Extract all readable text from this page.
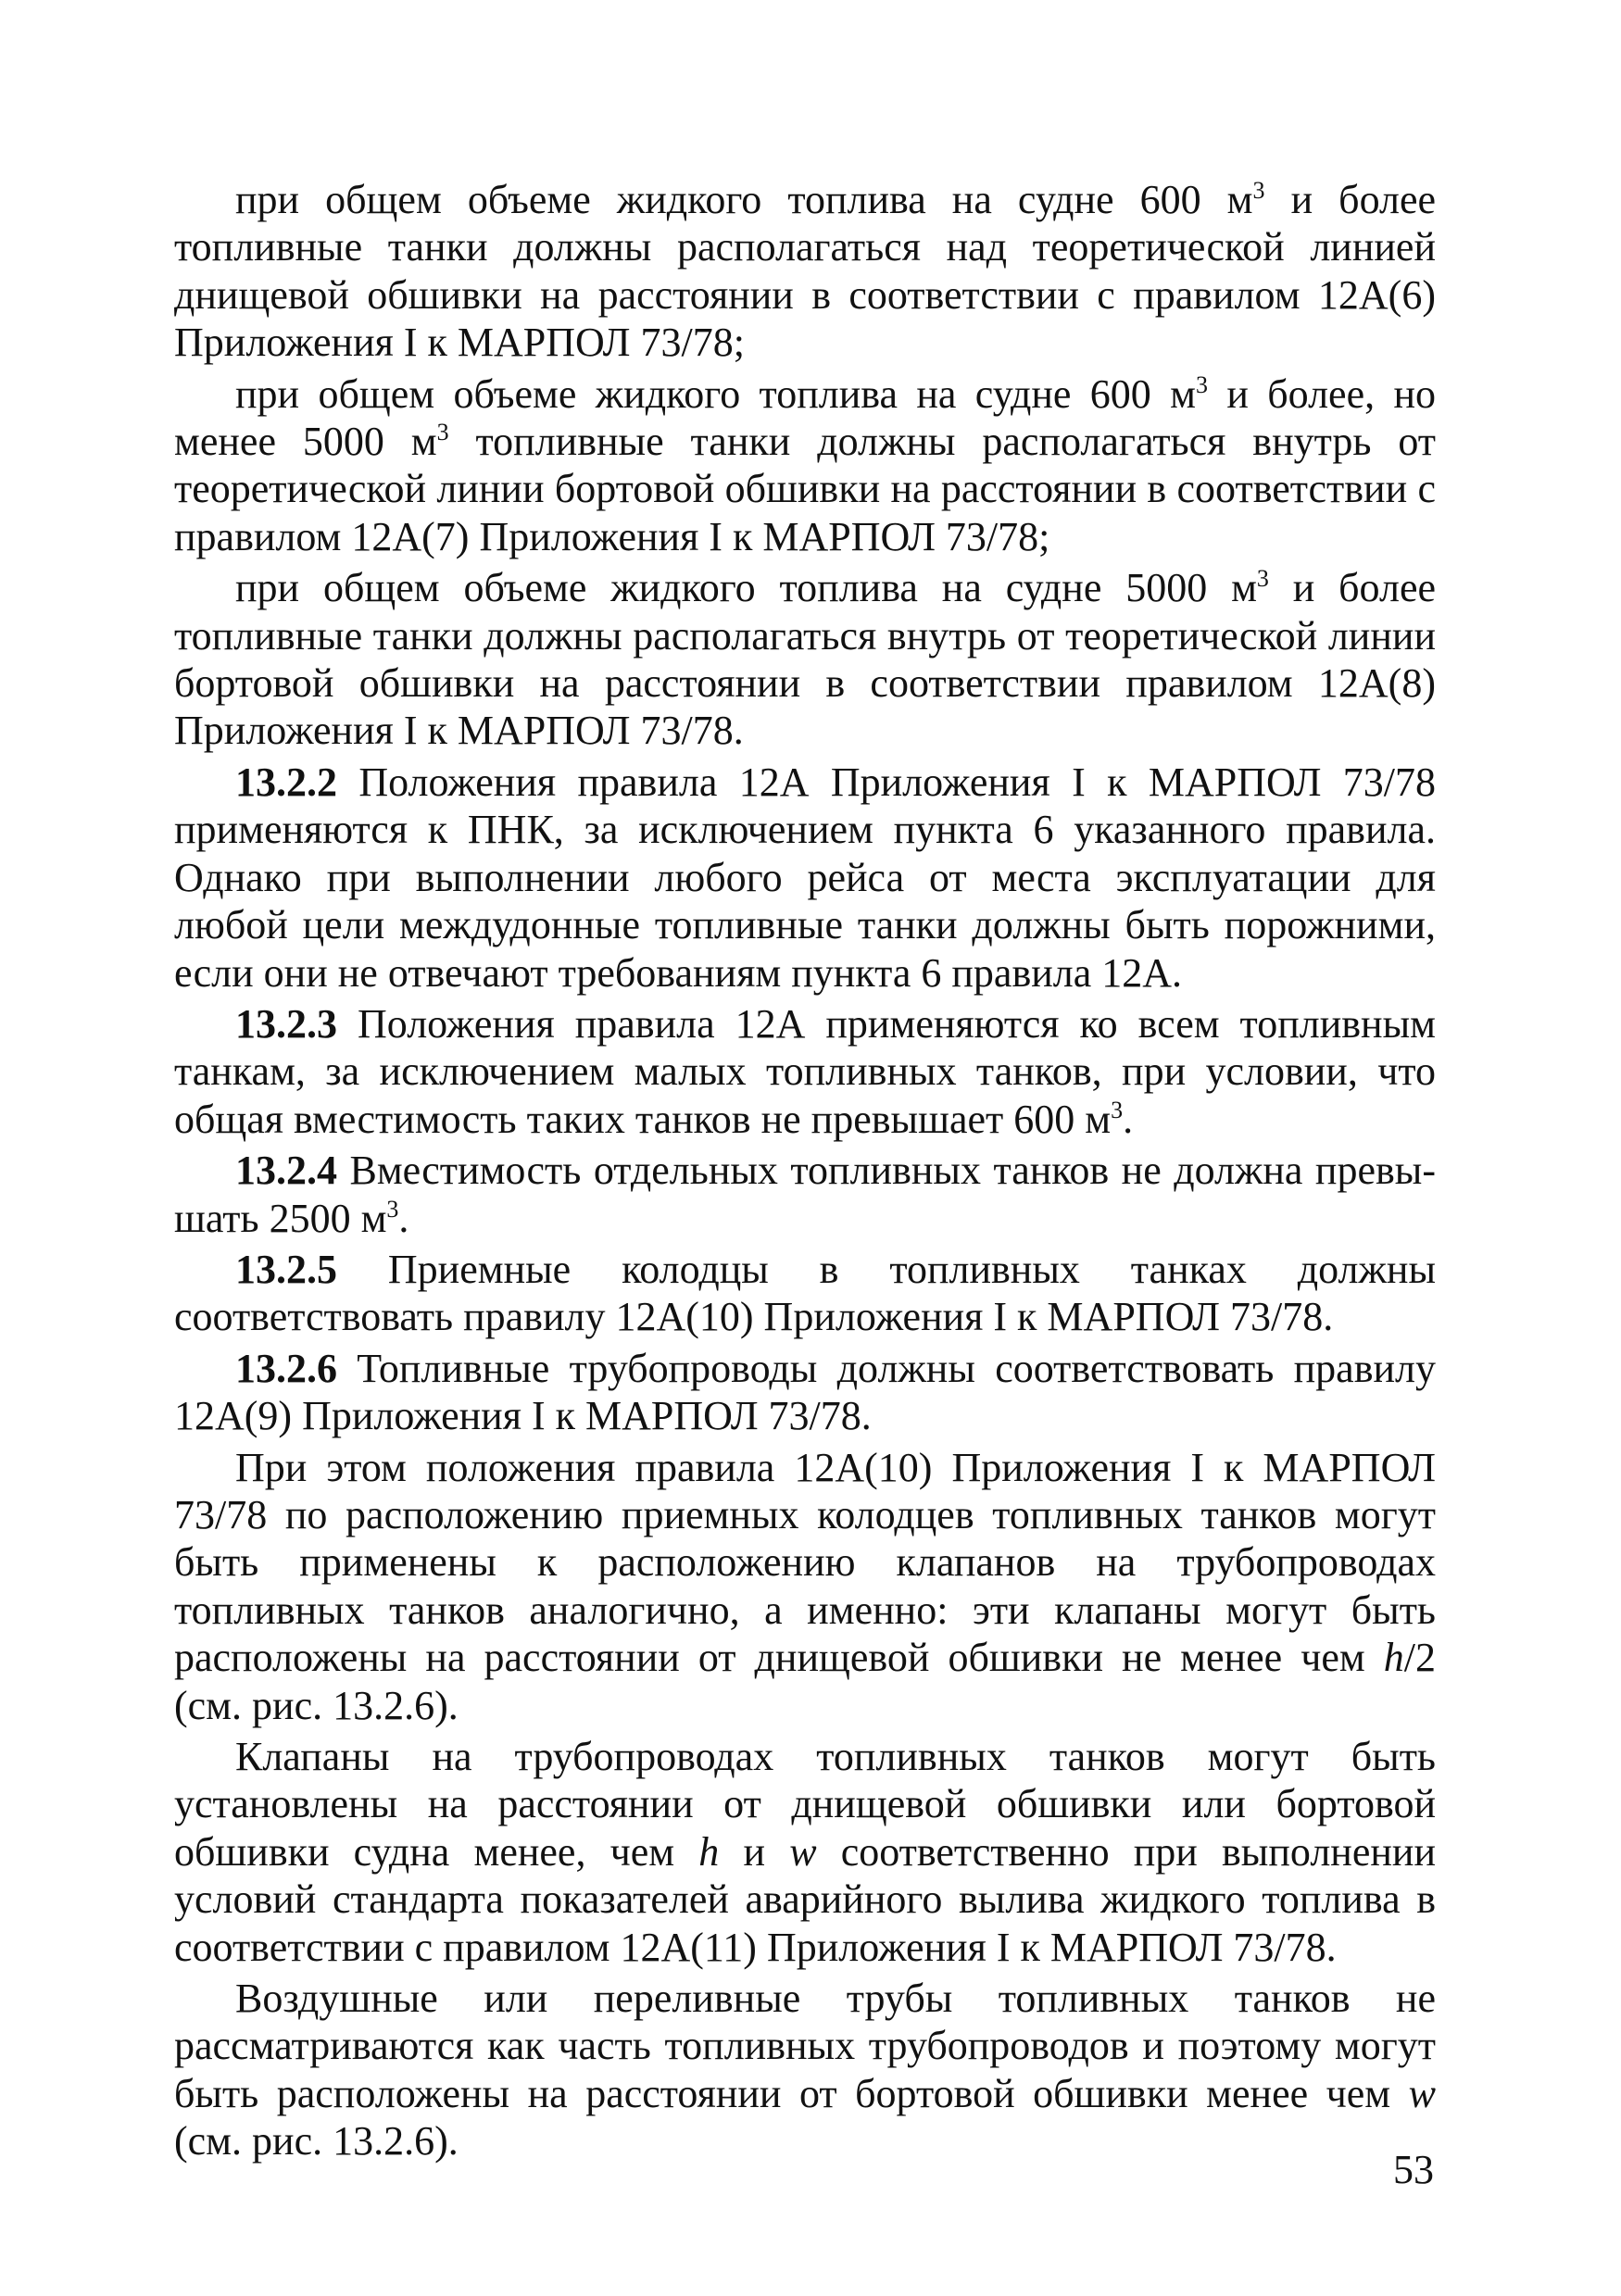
при общем объеме жидкого топлива на судне 600 $м^3$ и более топливные танки должны располагаться над теоретической линией днищевой обшивки на расстоянии в соответствии с правилом 12А(6) Приложения I к МАРПОЛ 73/78;

при общем объеме жидкого топлива на судне 600 $м^3$ и более, но менее 5000 $м^3$ топливные танки должны располагаться внутрь от теоретической линии бортовой обшивки на расстоянии в соответствии с правилом 12А(7) Приложения I к МАРПОЛ 73/78;

при общем объеме жидкого топлива на судне 5000 $м^3$ и более топливные танки должны располагаться внутрь от теоретической линии бортовой обшивки на расстоянии в соответствии правилом 12А(8) Приложения I к МАРПОЛ 73/78.

13.2.2 Положения правила 12А Приложения I к МАРПОЛ 73/78 применяются к ПНК, за исключением пункта 6 указанного правила. Однако при выполнении любого рейса от места эксплуатации для любой цели междудонные топливные танки должны быть порожними, если они не отвечают требованиям пункта 6 правила 12А.

13.2.3 Положения правила 12А применяются ко всем топливным танкам, за исключением малых топливных танков, при условии, что общая вместимость таких танков не превышает 600 $м^3$.

13.2.4 Вместимость отдельных топливных танков не должна превышать 2500 $м^3$.

13.2.5 Приемные колодцы в топливных танках должны соответствовать правилу 12А(10) Приложения I к МАРПОЛ 73/78.

13.2.6 Топливные трубопроводы должны соответствовать правилу 12А(9) Приложения I к МАРПОЛ 73/78.

При этом положения правила 12А(10) Приложения I к МАРПОЛ 73/78 по расположению приемных колодцев топливных танков могут быть применены к расположению клапанов на трубопроводах топливных танков аналогично, а именно: эти клапаны могут быть расположены на расстоянии от днищевой обшивки не менее чем h/2 (см. рис. 13.2.6).

Клапаны на трубопроводах топливных танков могут быть установлены на расстоянии от днищевой обшивки или бортовой обшивки судна менее, чем h и w соответственно при выполнении условий стандарта показателей аварийного вылива жидкого топлива в соответствии с правилом 12А(11) Приложения I к МАРПОЛ 73/78.

Воздушные или переливные трубы топливных танков не рассматриваются как часть топливных трубопроводов и поэтому могут быть расположены на расстоянии от бортовой обшивки менее чем w (см. рис. 13.2.6).

53
